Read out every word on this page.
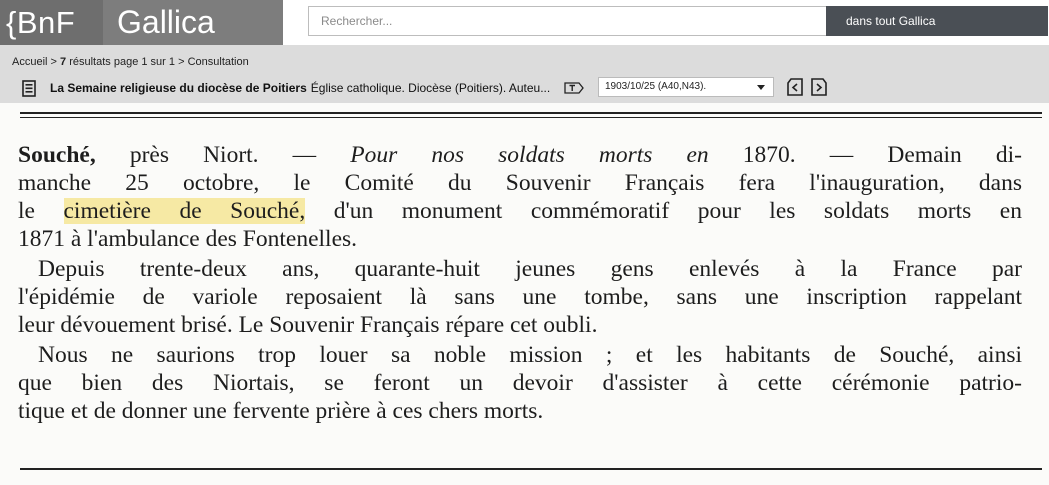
{BnF	Gallica
Rechercher...	dans tout Gallica
Accueil > 7 résultats page 1 sur 1 > Consultation
La Semaine religieuse du diocèse de Poitiers Église catholique. Diocèse (Poitiers). Auteu...	1903/10/25 (A40,N43).
Souché, près Niort. — Pour nos soldats morts en 1870. — Demain di-
manche 25 octobre, le Comité du Souvenir Français fera l'inauguration, dans
le cimetière de Souché, d'un monument commémoratif pour les soldats morts en
1871 à l'ambulance des Fontenelles.
Depuis trente-deux ans, quarante-huit jeunes gens enlevés à la France par
l'épidémie de variole reposaient là sans une tombe, sans une inscription rappelant
leur dévouement brisé. Le Souvenir Français répare cet oubli.
Nous ne saurions trop louer sa noble mission ; et les habitants de Souché, ainsi
que bien des Niortais, se feront un devoir d'assister à cette cérémonie patrio-
tique et de donner une fervente prière à ces chers morts.
